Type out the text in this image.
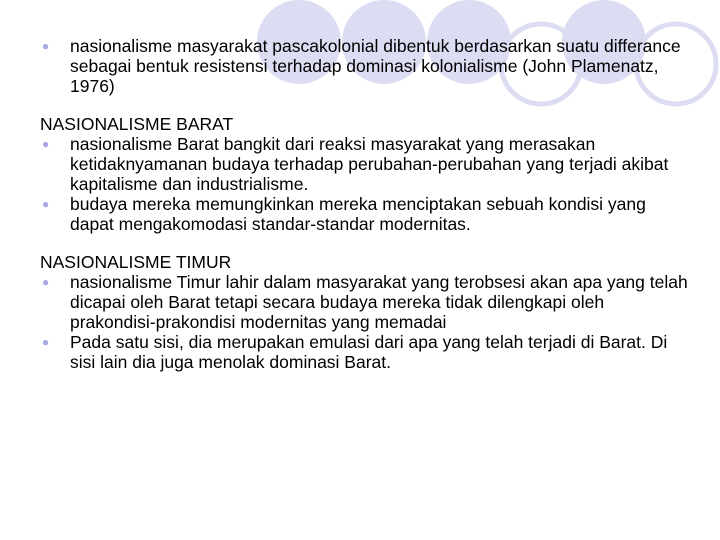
● nasionalisme masyarakat pascakolonial dibentuk berdasarkan suatu differance sebagai bentuk resistensi terhadap dominasi kolonialisme (John Plamenatz, 1976)
NASIONALISME BARAT
● nasionalisme Barat bangkit dari reaksi masyarakat yang merasakan ketidaknyamanan budaya terhadap perubahan-perubahan yang terjadi akibat kapitalisme dan industrialisme.
● budaya mereka memungkinkan mereka menciptakan sebuah kondisi yang dapat mengakomodasi standar-standar modernitas.
NASIONALISME TIMUR
● nasionalisme Timur lahir dalam masyarakat yang terobsesi akan apa yang telah dicapai oleh Barat tetapi secara budaya mereka tidak dilengkapi oleh prakondisi-prakondisi modernitas yang memadai
● Pada satu sisi, dia merupakan emulasi dari apa yang telah terjadi di Barat. Di sisi lain dia juga menolak dominasi Barat.
